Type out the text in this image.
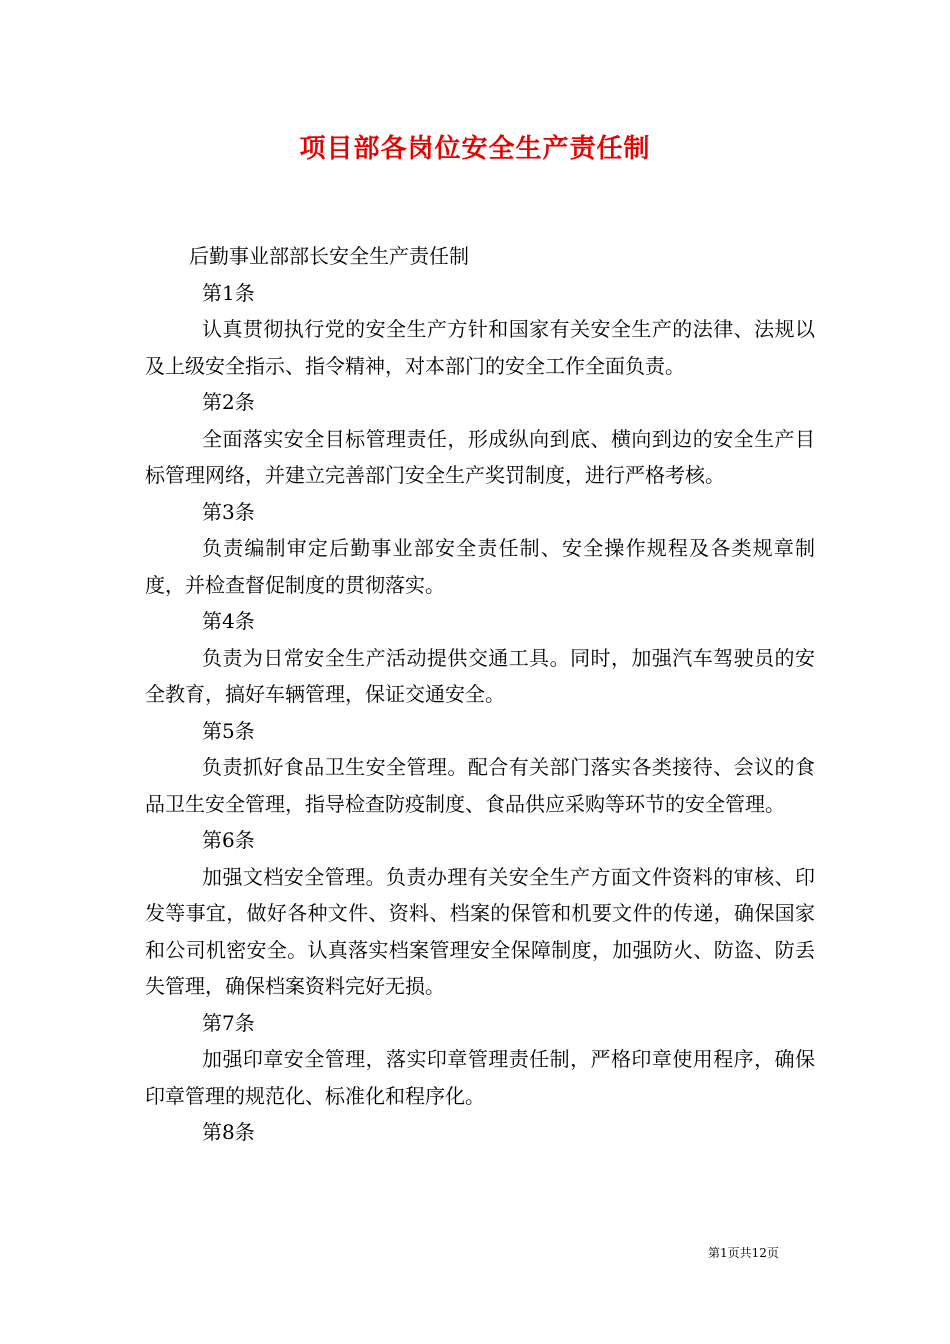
项目部各岗位安全生产责任制

后勤事业部部长安全生产责任制

第1条

认真贯彻执行党的安全生产方针和国家有关安全生产的法律、法规以及上级安全指示、指令精神，对本部门的安全工作全面负责。

第2条

全面落实安全目标管理责任，形成纵向到底、横向到边的安全生产目标管理网络，并建立完善部门安全生产奖罚制度，进行严格考核。

第3条

负责编制审定后勤事业部安全责任制、安全操作规程及各类规章制度，并检查督促制度的贯彻落实。

第4条

负责为日常安全生产活动提供交通工具。同时，加强汽车驾驶员的安全教育，搞好车辆管理，保证交通安全。

第5条

负责抓好食品卫生安全管理。配合有关部门落实各类接待、会议的食品卫生安全管理，指导检查防疫制度、食品供应采购等环节的安全管理。

第6条

加强文档安全管理。负责办理有关安全生产方面文件资料的审核、印发等事宜，做好各种文件、资料、档案的保管和机要文件的传递，确保国家和公司机密安全。认真落实档案管理安全保障制度，加强防火、防盗、防丢失管理，确保档案资料完好无损。

第7条

加强印章安全管理，落实印章管理责任制，严格印章使用程序，确保印章管理的规范化、标准化和程序化。

第8条

第1页共12页
